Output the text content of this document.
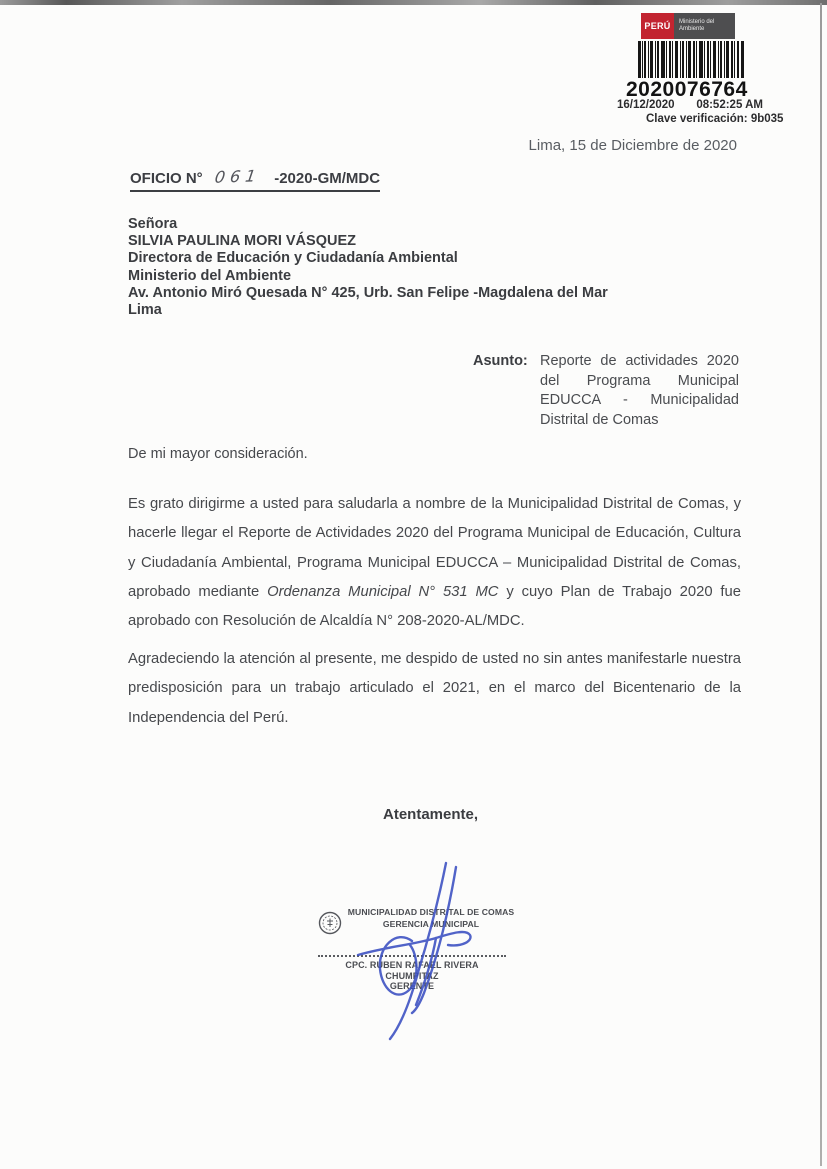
PERÚ	Ministerio del Ambiente
2020076764
16/12/2020 08:52:25 AM
Clave verificación: 9b035
Lima, 15 de Diciembre de 2020
OFICIO N° 061 -2020-GM/MDC
Señora
SILVIA PAULINA MORI VÁSQUEZ
Directora de Educación y Ciudadanía Ambiental
Ministerio del Ambiente
Av. Antonio Miró Quesada N° 425, Urb. San Felipe -Magdalena del Mar
Lima
Asunto: Reporte de actividades 2020 del Programa Municipal EDUCCA - Municipalidad Distrital de Comas
De mi mayor consideración.
Es grato dirigirme a usted para saludarla a nombre de la Municipalidad Distrital de Comas, y hacerle llegar el Reporte de Actividades 2020 del Programa Municipal de Educación, Cultura y Ciudadanía Ambiental, Programa Municipal EDUCCA – Municipalidad Distrital de Comas, aprobado mediante Ordenanza Municipal N° 531 MC y cuyo Plan de Trabajo 2020 fue aprobado con Resolución de Alcaldía N° 208-2020-AL/MDC.
Agradeciendo la atención al presente, me despido de usted no sin antes manifestarle nuestra predisposición para un trabajo articulado el 2021, en el marco del Bicentenario de la Independencia del Perú.
Atentamente,
MUNICIPALIDAD DISTRITAL DE COMAS
GERENCIA MUNICIPAL
CPC. RUBEN RAFAEL RIVERA CHUMPITAZ
GERENTE
